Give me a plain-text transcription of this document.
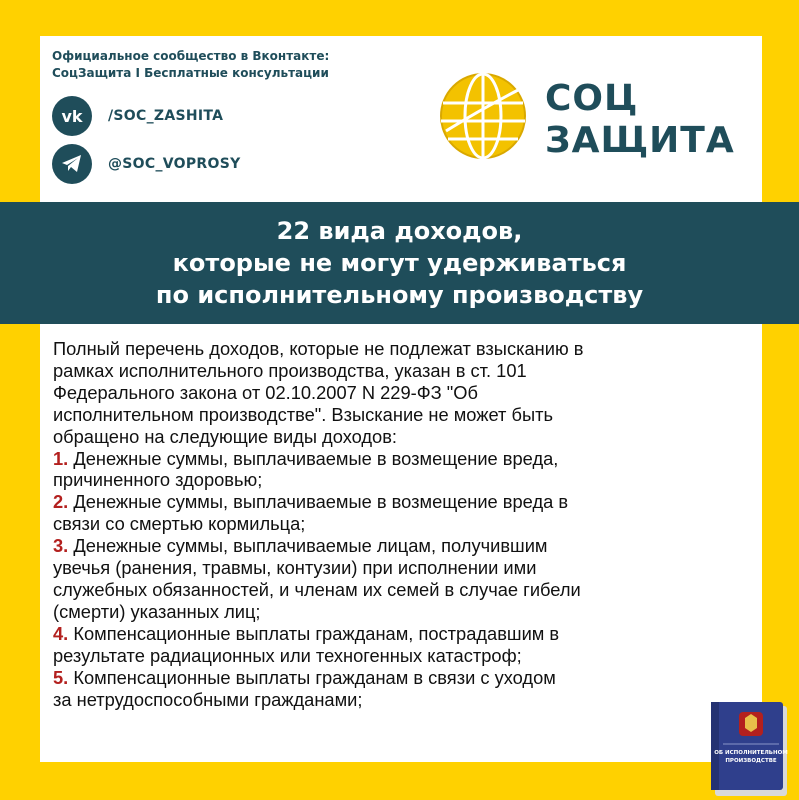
Официальное сообщество в Вконтакте:
СоцЗащита I Бесплатные консультации
vk /SOC_ZASHITA
@SOC_VOPROSY
СОЦ
ЗАЩИТА
22 вида доходов,
которые не могут удерживаться
по исполнительному производству

Полный перечень доходов, которые не подлежат взысканию в

рамках исполнительного производства, указан в ст. 101

Федерального закона от 02.10.2007 N 229-ФЗ "Об

исполнительном производстве". Взыскание не может быть

обращено на следующие виды доходов:

1. Денежные суммы, выплачиваемые в возмещение вреда,

причиненного здоровью;

2. Денежные суммы, выплачиваемые в возмещение вреда в

связи со смертью кормильца;

3. Денежные суммы, выплачиваемые лицам, получившим

увечья (ранения, травмы, контузии) при исполнении ими

служебных обязанностей, и членам их семей в случае гибели

(смерти) указанных лиц;

4. Компенсационные выплаты гражданам, пострадавшим в

результате радиационных или техногенных катастроф;

5. Компенсационные выплаты гражданам в связи с уходом

за нетрудоспособными гражданами;

ОБ ИСПОЛНИТЕЛЬНОМ
ПРОИЗВОДСТВЕ
